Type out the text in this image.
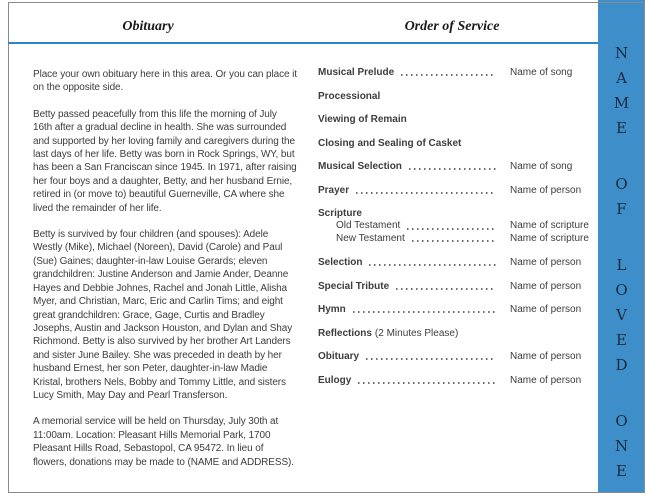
NAME OF LOVED ONE
Obituary	Order of Service

Place your own obituary here in this area. Or you can place it on the opposite side.

Betty passed peacefully from this life the morning of July 16th after a gradual decline in health. She was surrounded and supported by her loving family and caregivers during the last days of her life. Betty was born in Rock Springs, WY, but has been a San Franciscan since 1945. In 1971, after raising her four boys and a daughter, Betty, and her husband Ernie, retired in (or move to) beautiful Guerneville, CA where she lived the remainder of her life.

Betty is survived by four children (and spouses): Adele Westly (Mike), Michael (Noreen), David (Carole) and Paul (Sue) Gaines; daughter-in-law Louise Gerards; eleven grandchildren: Justine Anderson and Jamie Ander, Deanne Hayes and Debbie Johnes, Rachel and Jonah Little, Alisha Myer, and Christian, Marc, Eric and Carlin Tims; and eight great grandchildren: Grace, Gage, Curtis and Bradley Josephs, Austin and Jackson Houston, and Dylan and Shay Richmond. Betty is also survived by her brother Art Landers and sister June Bailey. She was preceded in death by her husband Ernest, her son Peter, daughter-in-law Madie Kristal, brothers Nels, Bobby and Tommy Little, and sisters Lucy Smith, May Day and Pearl Transferson.

A memorial service will be held on Thursday, July 30th at 11:00am. Location: Pleasant Hills Memorial Park, 1700 Pleasant Hills Road, Sebastopol, CA 95472. In lieu of flowers, donations may be made to (NAME and ADDRESS).

Musical Prelude	Name of song
Processional
Viewing of Remain
Closing and Sealing of Casket
Musical Selection	Name of song
Prayer	Name of person
Scripture
Old Testament	Name of scripture
New Testament	Name of scripture
Selection	Name of person
Special Tribute	Name of person
Hymn	Name of person
Reflections (2 Minutes Please)
Obituary	Name of person
Eulogy	Name of person
